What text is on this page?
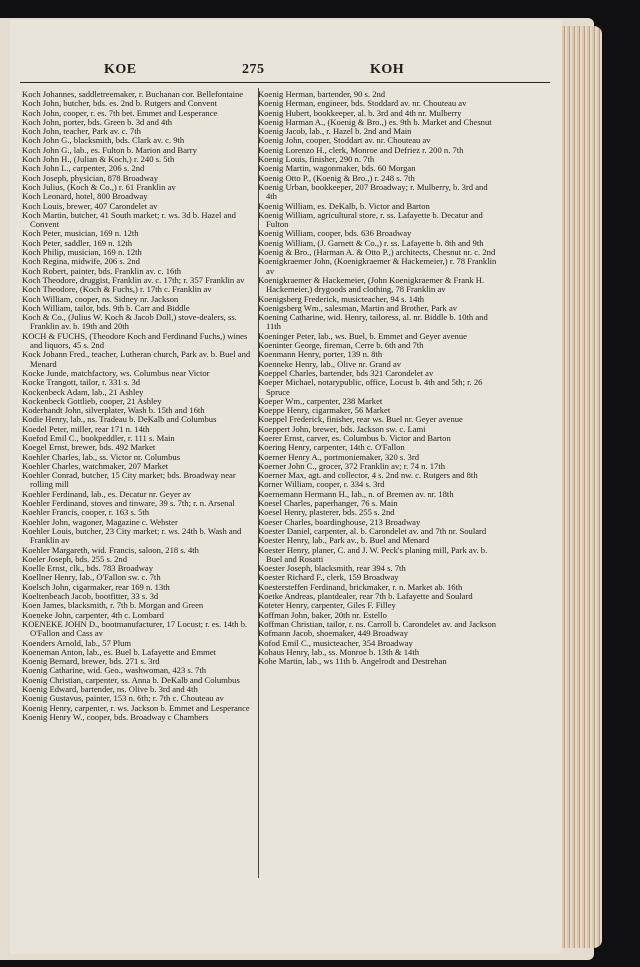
KOE	275	KOH

Koch Johannes, saddletreemaker, r. Buchanan cor. Bellefontaine

Koch John, butcher, bds. es. 2nd b. Rutgers and Convent

Koch John, cooper, r. es. 7th bet. Emmet and Lesperance

Koch John, porter, bds. Green b. 3d and 4th

Koch John, teacher, Park av. c. 7th

Koch John G., blacksmith, bds. Clark av. c. 9th

Koch John G., lab., es. Fulton b. Marion and Barry

Koch John H., (Julian & Koch,) r. 240 s. 5th

Koch John L., carpenter, 206 s. 2nd

Koch Joseph, physician, 878 Broadway

Koch Julius, (Koch & Co.,) r. 61 Franklin av

Koch Leonard, hotel, 800 Broadway

Koch Louis, brewer, 407 Carondelet av

Koch Martin, butcher, 41 South market; r. ws. 3d b. Hazel and Convent

Koch Peter, musician, 169 n. 12th

Koch Peter, saddler, 169 n. 12th

Koch Philip, musician, 169 n. 12th

Koch Regina, midwife, 206 s. 2nd

Koch Robert, painter, bds. Franklin av. c. 16th

Koch Theodore, druggist, Franklin av. c. 17th; r. 357 Franklin av

Koch Theodore, (Koch & Fuchs,) r. 17th c. Franklin av

Koch William, cooper, ns. Sidney nr. Jackson

Koch William, tailor, bds. 9th b. Carr and Biddle

Koch & Co., (Julius W. Koch & Jacob Doll,) stove-dealers, ss. Franklin av. b. 19th and 20th

KOCH & FUCHS, (Theodore Koch and Ferdinand Fuchs,) wines and liquors, 45 s. 2nd

Kock Johann Fred., teacher, Lutheran church, Park av. b. Buel and Menard

Kocke Junde, matchfactory, ws. Columbus near Victor

Kocke Trangott, tailor, r. 331 s. 3d

Kockenbeck Adam, lab., 21 Ashley

Kockenbeck Gottlieb, cooper, 21 Ashley

Koderhandt John, silverplater, Wash b. 15th and 16th

Kodie Henry, lab., ns. Tradeau b. DeKalb and Columbus

Koedel Peter, miller, rear 171 n. 14th

Koefod Emil C., bookpeddler, r. 111 s. Main

Koegel Ernst, brewer, bds. 492 Market

Koehler Charles, lab., ss. Victor nr. Columbus

Koehler Charles, watchmaker, 207 Market

Koehler Conrad, butcher, 15 City market; bds. Broadway near rolling mill

Koehler Ferdinand, lab., es. Decatur nr. Geyer av

Koehler Ferdinand, stoves and tinware, 39 s. 7th; r. n. Arsenal

Koehler Francis, cooper, r. 163 s. 5th

Koehler John, wagoner, Magazine c. Webster

Koehler Louis, butcher, 23 City market; r. ws. 24th b. Wash and Franklin av

Koehler Margareth, wid. Francis, saloon, 218 s. 4th

Koeler Joseph, bds. 255 s. 2nd

Koelle Ernst, clk., bds. 783 Broadway

Koellner Henry, lab., O'Fallon sw. c. 7th

Koelsch John, cigarmaker, rear 169 n. 13th

Koeltenbeach Jacob, bootfitter, 33 s. 3d

Koen James, blacksmith, r. 7th b. Morgan and Green

Koeneke John, carpenter, 4th c. Lombard

KOENEKE JOHN D., bootmanufacturer, 17 Locust; r. es. 14th b. O'Fallon and Cass av

Koenders Arnold, lab., 57 Plum

Koeneman Anton, lab., es. Buel b. Lafayette and Emmet

Koenig Bernard, brewer, bds. 271 s. 3rd

Koenig Catharine, wid. Geo., washwoman, 423 s. 7th

Koenig Christian, carpenter, ss. Anna b. DeKalb and Columbus

Koenig Edward, bartender, ns. Olive b. 3rd and 4th

Koenig Gustavus, painter, 153 n. 6th; r. 7th c. Chouteau av

Koenig Henry, carpenter, r. ws. Jackson b. Emmet and Lesperance

Koenig Henry W., cooper, bds. Broadway c Chambers

Koenig Herman, bartender, 90 s. 2nd

Koenig Herman, engineer, bds. Stoddard av. nr. Chouteau av

Koenig Hubert, bookkeeper, al. b. 3rd and 4th nr. Mulberry

Koenig Harman A., (Koenig & Bro.,) es. 9th b. Market and Chesnut

Koenig Jacob, lab., r. Hazel b. 2nd and Main

Koenig John, cooper, Stoddart av. nr. Chouteau av

Koenig Lorenzo H., clerk, Monroe and Defriez r. 200 n. 7th

Koenig Louis, finisher, 290 n. 7th

Koenig Martin, wagonmaker, bds. 60 Morgan

Koenig Otto P., (Koenig & Bro.,) r. 248 s. 7th

Koenig Urban, bookkeeper, 207 Broadway; r. Mulberry, b. 3rd and 4th

Koenig William, es. DeKalb, b. Victor and Barton

Koenig William, agricultural store, r. ss. Lafayette b. Decatur and Fulton

Koenig William, cooper, bds. 636 Broadway

Koenig William, (J. Garnett & Co.,) r. ss. Lafayette b. 8th and 9th

Koenig & Bro., (Harman A. & Otto P.,) architects, Chesnut nr. c. 2nd

Koenigkraemer John, (Koenigkraemer & Hackemeier,) r. 78 Franklin av

Koenigkraemer & Hackemeier, (John Koenigkraemer & Frank H. Hackemeier,) drygoods and clothing, 78 Franklin av

Koenigsberg Frederick, musicteacher, 94 s. 14th

Koenigsberg Wm., salesman, Martin and Brother, Park av

Koening Catharine, wid. Henry, tailoress, al. nr. Biddle b. 10th and 11th

Koeninger Peter, lab., ws. Buel, b. Emmet and Geyer avenue

Koeninter George, fireman, Cerre b. 6th and 7th

Koenmann Henry, porter, 139 n. 8th

Koenneke Henry, lab., Olive nr. Grand av

Koeppel Charles, bartender, bds 321 Carondelet av

Koeper Michael, notarypublic, office, Locust b. 4th and 5th; r. 26 Spruce

Koeper Wm., carpenter, 238 Market

Koeppe Henry, cigarmaker, 56 Market

Koeppel Frederick, finisher, rear ws. Buel nr. Geyer avenue

Koeppert John, brewer, bds. Jackson sw. c. Lami

Koerer Ernst, carver, es. Columbus b. Victor and Barton

Koering Henry, carpenter, 14th c. O'Fallon

Koerner Henry A., portmoniemaker, 320 s. 3rd

Koerner John C., grocer, 372 Franklin av; r. 74 n. 17th

Koerner Max, agt. and collector, 4 s. 2nd nw. c. Rutgers and 8th

Korner William, cooper, r. 334 s. 3rd

Koernemann Hermann H., lab., n. of Bremen av. nr. 18th

Koesel Charles, paperhanger, 76 s. Main

Koesel Henry, plasterer, bds. 255 s. 2nd

Koeser Charles, boardinghouse, 213 Broadway

Koester Daniel, carpenter, al. b. Carondelet av. and 7th nr. Soulard

Koester Henry, lab., Park av., b. Buel and Menard

Koester Henry, planer, C. and J. W. Peck's planing mill, Park av. b. Buel and Rosatti

Koester Joseph, blacksmith, rear 394 s. 7th

Koester Richard F., clerk, 159 Broadway

Koestersteffen Ferdinand, brickmaker, r. n. Market ab. 16th

Koetke Andreas, plantdealer, rear 7th b. Lafayette and Soulard

Koteter Henry, carpenter, Giles F. Filley

Koffman John, baker, 20th nr. Estello

Koffman Christian, tailor, r. ns. Carroll b. Carondelet av. and Jackson

Kofmann Jacob, shoemaker, 449 Broadway

Kofod Emil C., musicteacher, 354 Broadway

Kohaus Henry, lab., ss. Monroe b. 13th & 14th

Kohe Martin, lab., ws 11th b. Angelrodt and Destrehan
